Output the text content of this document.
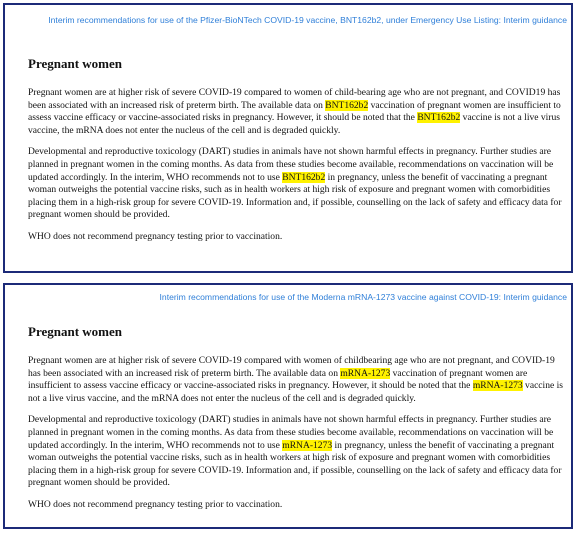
Interim recommendations for use of the Pfizer-BioNTech COVID-19 vaccine, BNT162b2, under Emergency Use Listing: Interim guidance
Pregnant women

Pregnant women are at higher risk of severe COVID-19 compared to women of child-bearing age who are not pregnant, and COVID19 has been associated with an increased risk of preterm birth. The available data on BNT162b2 vaccination of pregnant women are insufficient to assess vaccine efficacy or vaccine-associated risks in pregnancy. However, it should be noted that the BNT162b2 vaccine is not a live virus vaccine, the mRNA does not enter the nucleus of the cell and is degraded quickly.

Developmental and reproductive toxicology (DART) studies in animals have not shown harmful effects in pregnancy. Further studies are planned in pregnant women in the coming months. As data from these studies become available, recommendations on vaccination will be updated accordingly. In the interim, WHO recommends not to use BNT162b2 in pregnancy, unless the benefit of vaccinating a pregnant woman outweighs the potential vaccine risks, such as in health workers at high risk of exposure and pregnant women with comorbidities placing them in a high-risk group for severe COVID-19. Information and, if possible, counselling on the lack of safety and efficacy data for pregnant women should be provided.

WHO does not recommend pregnancy testing prior to vaccination.

Interim recommendations for use of the Moderna mRNA-1273 vaccine against COVID-19: Interim guidance
Pregnant women

Pregnant women are at higher risk of severe COVID-19 compared with women of childbearing age who are not pregnant, and COVID-19 has been associated with an increased risk of preterm birth. The available data on mRNA-1273 vaccination of pregnant women are insufficient to assess vaccine efficacy or vaccine-associated risks in pregnancy. However, it should be noted that the mRNA-1273 vaccine is not a live virus vaccine, and the mRNA does not enter the nucleus of the cell and is degraded quickly.

Developmental and reproductive toxicology (DART) studies in animals have not shown harmful effects in pregnancy. Further studies are planned in pregnant women in the coming months. As data from these studies become available, recommendations on vaccination will be updated accordingly. In the interim, WHO recommends not to use mRNA-1273 in pregnancy, unless the benefit of vaccinating a pregnant woman outweighs the potential vaccine risks, such as in health workers at high risk of exposure and pregnant women with comorbidities placing them in a high-risk group for severe COVID-19. Information and, if possible, counselling on the lack of safety and efficacy data for pregnant women should be provided.

WHO does not recommend pregnancy testing prior to vaccination.
